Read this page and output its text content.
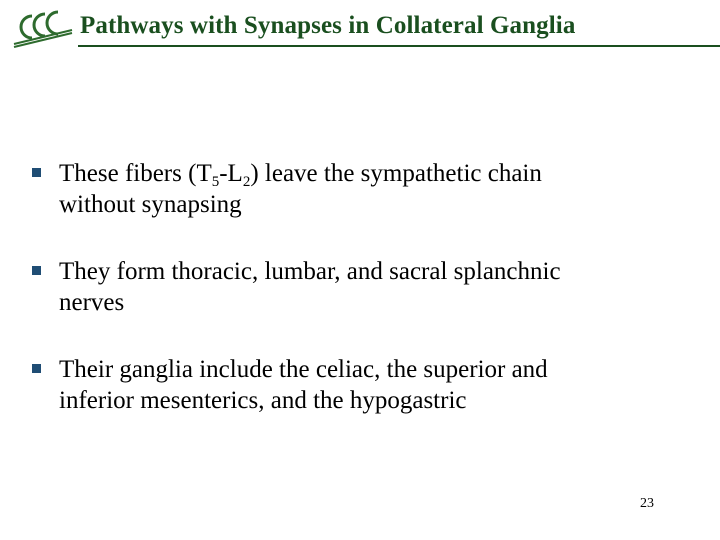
Pathways with Synapses in Collateral Ganglia
These fibers $(T_5-L_2)$ leave the sympathetic chain
without synapsing
They form thoracic, lumbar, and sacral splanchnic
nerves
Their ganglia include the celiac, the superior and
inferior mesenterics, and the hypogastric
23
